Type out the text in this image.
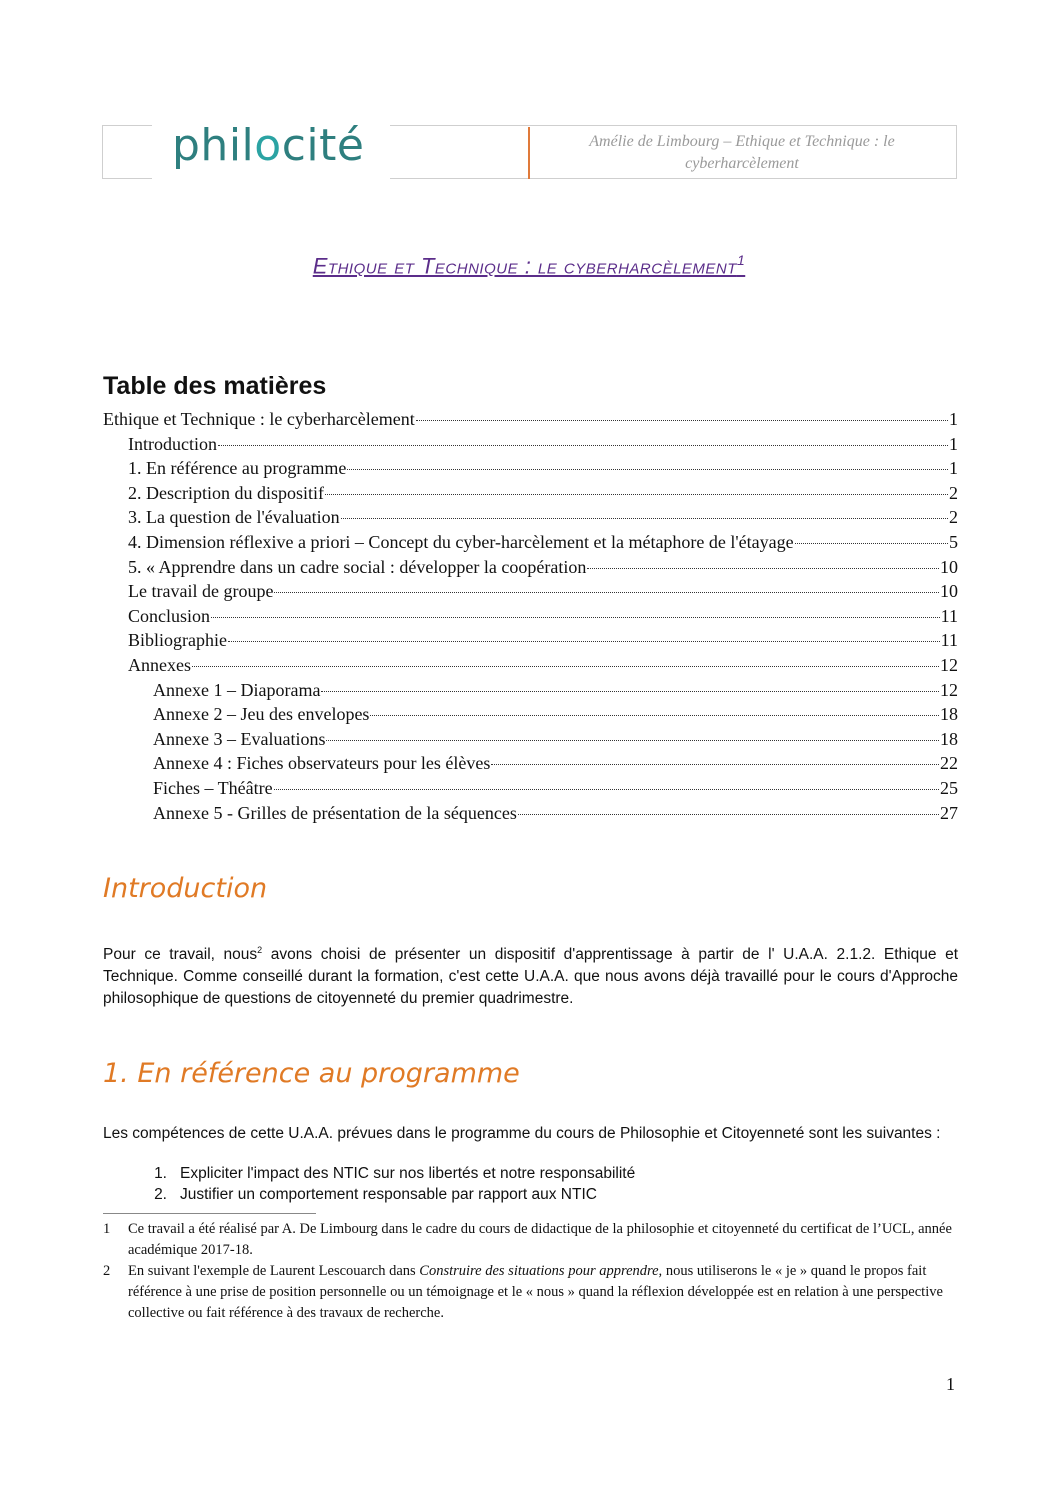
philocité	Amélie de Limbourg – Ethique et Technique : le
cyberharcèlement
Ethique et Technique : le cyberharcèlement$^1$
Table des matières
Ethique et Technique : le cyberharcèlement	1
Introduction	1
1. En référence au programme	1
2. Description du dispositif	2
3. La question de l'évaluation	2
4. Dimension réflexive a priori – Concept du cyber-harcèlement et la métaphore de l'étayage	5
5. « Apprendre dans un cadre social : développer la coopération	10
Le travail de groupe	10
Conclusion	11
Bibliographie	11
Annexes	12
Annexe 1 – Diaporama	12
Annexe 2 – Jeu des envelopes	18
Annexe 3 – Evaluations	18
Annexe 4 : Fiches observateurs pour les élèves	22
Fiches – Théâtre	25
Annexe 5 - Grilles de présentation de la séquences	27
Introduction
Pour ce travail, nous$^2$ avons choisi de présenter un dispositif d'apprentissage à partir de l' U.A.A. 2.1.2. Ethique et Technique. Comme conseillé durant la formation, c'est cette U.A.A. que nous avons déjà travaillé pour le cours d'Approche philosophique de questions de citoyenneté du premier quadrimestre.
1. En référence au programme
Les compétences de cette U.A.A. prévues dans le programme du cours de Philosophie et Citoyenneté sont les suivantes :
1. Expliciter l'impact des NTIC sur nos libertés et notre responsabilité
2. Justifier un comportement responsable par rapport aux NTIC
1	Ce travail a été réalisé par A. De Limbourg dans le cadre du cours de didactique de la philosophie et citoyenneté du certificat de l’UCL, année académique 2017-18.
2	En suivant l'exemple de Laurent Lescouarch dans Construire des situations pour apprendre, nous utiliserons le « je » quand le propos fait référence à une prise de position personnelle ou un témoignage et le « nous » quand la réflexion développée est en relation à une perspective collective ou fait référence à des travaux de recherche.
1
